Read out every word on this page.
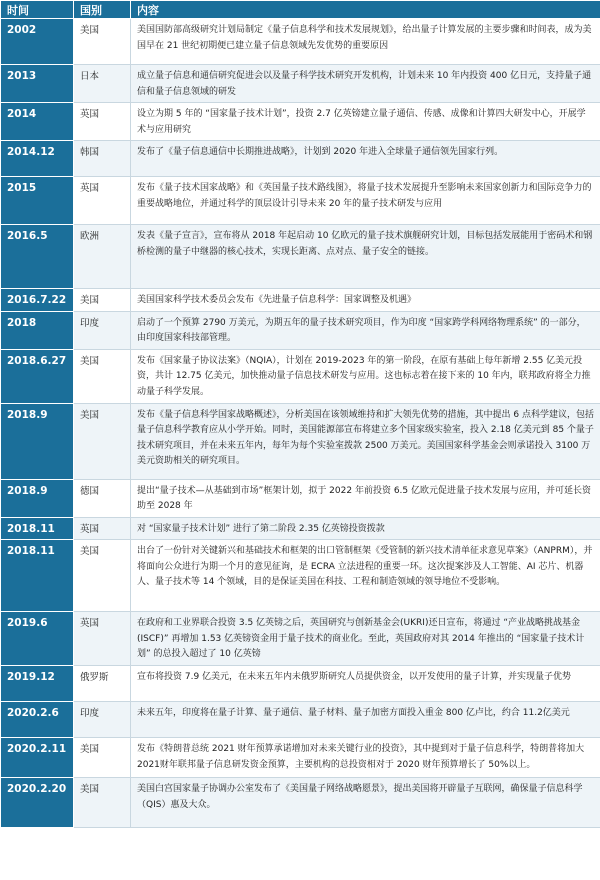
时间	国别	内容
2002	美国	美国国防部高级研究计划局制定《量子信息科学和技术发展规划》，给出量子计算发展的主要步骤和时间表，成为美国早在 21 世纪初期便已建立量子信息领域先发优势的重要原因
2013	日本	成立量子信息和通信研究促进会以及量子科学技术研究开发机构，计划未来 10 年内投资 400 亿日元，支持量子通信和量子信息领域的研发
2014	英国	设立为期 5 年的 “国家量子技术计划”，投资 2.7 亿英镑建立量子通信、传感、成像和计算四大研发中心，开展学术与应用研究
2014.12	韩国	发布了《量子信息通信中长期推进战略》，计划到 2020 年进入全球量子通信领先国家行列。
2015	英国	发布《量子技术国家战略》和《英国量子技术路线图》，将量子技术发展提升至影响未来国家创新力和国际竞争力的重要战略地位，并通过科学的顶层设计引导未来 20 年的量子技术研发与应用
2016.5	欧洲	发表《量子宣言》，宣布将从 2018 年起启动 10 亿欧元的量子技术旗舰研究计划，目标包括发展能用于密码术和钢桥检测的量子中继器的核心技术，实现长距离、点对点、量子安全的链接。
2016.7.22	美国	美国国家科学技术委员会发布《先进量子信息科学：国家调整及机遇》
2018	印度	启动了一个预算 2790 万美元，为期五年的量子技术研究项目，作为印度 “国家跨学科网络物理系统” 的一部分，由印度国家科技部管理。
2018.6.27	美国	发布《国家量子协议法案》（NQIA），计划在 2019-2023 年的第一阶段，在原有基础上每年新增 2.55 亿美元投资，共计 12.75 亿美元，加快推动量子信息技术研发与应用。这也标志着在接下来的 10 年内，联邦政府将全力推动量子科学发展。
2018.9	美国	发布《量子信息科学国家战略概述》，分析美国在该领域维持和扩大领先优势的措施，其中提出 6 点科学建议，包括量子信息科学教育应从小学开始。同时，美国能源部宣布将建立多个国家级实验室，投入 2.18 亿美元到 85 个量子技术研究项目，并在未来五年内，每年为每个实验室拨款 2500 万美元。美国国家科学基金会则承诺投入 3100 万美元资助相关的研究项目。
2018.9	德国	提出“量子技术—从基础到市场”框架计划，拟于 2022 年前投资 6.5 亿欧元促进量子技术发展与应用，并可延长资助至 2028 年
2018.11	英国	对 “国家量子技术计划” 进行了第二阶段 2.35 亿英镑投资拨款
2018.11	美国	出台了一份针对关键新兴和基础技术和框架的出口管制框架《受管制的新兴技术清单征求意见草案》（ANPRM），并将面向公众进行为期一个月的意见征询，是 ECRA 立法进程的重要一环。这次提案涉及人工智能、AI 芯片、机器人、量子技术等 14 个领域，目的是保证美国在科技、工程和制造领域的领导地位不受影响。
2019.6	英国	在政府和工业界联合投资 3.5 亿英镑之后，英国研究与创新基金会(UKRI)还日宣布，将通过 “产业战略挑战基金(ISCF)” 再增加 1.53 亿英镑资金用于量子技术的商业化。至此，英国政府对其 2014 年推出的 “国家量子技术计划” 的总投入超过了 10 亿英镑
2019.12	俄罗斯	宣布将投资 7.9 亿美元，在未来五年内未俄罗斯研究人员提供资金，以开发使用的量子计算，并实现量子优势
2020.2.6	印度	未来五年，印度将在量子计算、量子通信、量子材料、量子加密方面投入重金 800 亿卢比，约合 11.2亿美元
2020.2.11	美国	发布《特朗普总统 2021 财年预算承诺增加对未来关键行业的投资》，其中提到对于量子信息科学，特朗普将加大 2021财年联邦量子信息研发资金预算，主要机构的总投资相对于 2020 财年预算增长了 50%以上。
2020.2.20	美国	美国白宫国家量子协调办公室发布了《美国量子网络战略愿景》，提出美国将开辟量子互联网，确保量子信息科学（QIS）惠及大众。
